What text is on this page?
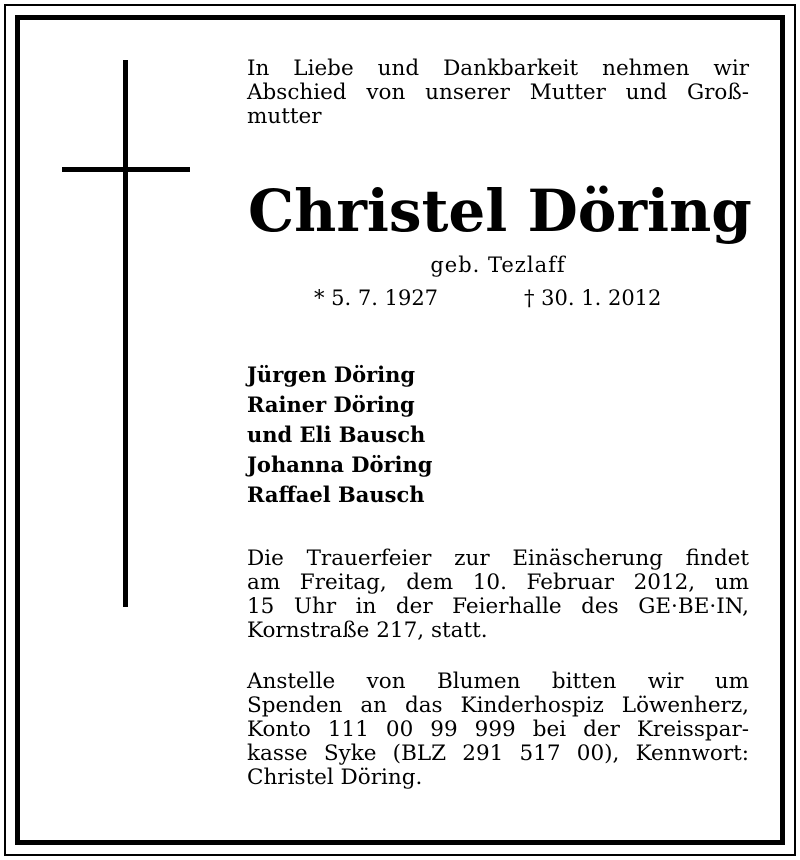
In Liebe und Dankbarkeit nehmen wir
Abschied von unserer Mutter und Groß-
mutter
Christel Döring
geb. Tezlaff
* 5. 7. 1927	† 30. 1. 2012
Jürgen Döring
Rainer Döring
und Eli Bausch
Johanna Döring
Raffael Bausch
Die Trauerfeier zur Einäscherung findet
am Freitag, dem 10. Februar 2012, um
15 Uhr in der Feierhalle des GE·BE·IN,
Kornstraße 217, statt.
Anstelle von Blumen bitten wir um
Spenden an das Kinderhospiz Löwenherz,
Konto 111 00 99 999 bei der Kreisspar-
kasse Syke (BLZ 291 517 00), Kennwort:
Christel Döring.
